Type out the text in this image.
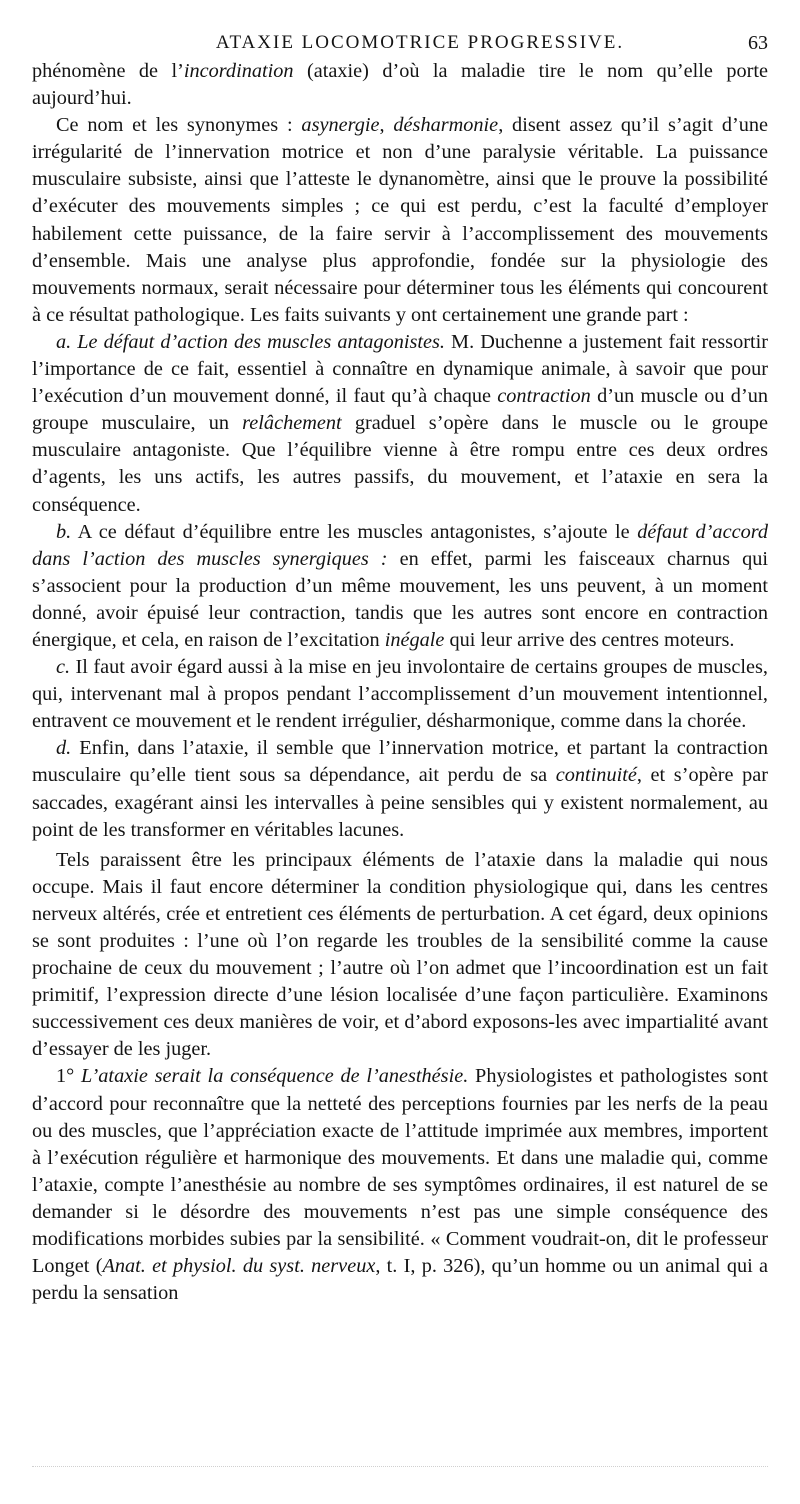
ATAXIE LOCOMOTRICE PROGRESSIVE.	63

phénomène de l’incordination (ataxie) d’où la maladie tire le nom qu’elle porte aujourd’hui.

Ce nom et les synonymes : asynergie, désharmonie, disent assez qu’il s’agit d’une irrégularité de l’innervation motrice et non d’une paralysie véritable. La puissance musculaire subsiste, ainsi que l’atteste le dynanomètre, ainsi que le prouve la possibilité d’exécuter des mouvements simples ; ce qui est perdu, c’est la faculté d’employer habilement cette puissance, de la faire servir à l’accomplissement des mouvements d’ensemble. Mais une analyse plus approfondie, fondée sur la physiologie des mouvements normaux, serait nécessaire pour déterminer tous les éléments qui concourent à ce résultat pathologique. Les faits suivants y ont certainement une grande part :

a. Le défaut d’action des muscles antagonistes. M. Duchenne a justement fait ressortir l’importance de ce fait, essentiel à connaître en dynamique animale, à savoir que pour l’exécution d’un mouvement donné, il faut qu’à chaque contraction d’un muscle ou d’un groupe musculaire, un relâchement graduel s’opère dans le muscle ou le groupe musculaire antagoniste. Que l’équilibre vienne à être rompu entre ces deux ordres d’agents, les uns actifs, les autres passifs, du mouvement, et l’ataxie en sera la conséquence.

b. A ce défaut d’équilibre entre les muscles antagonistes, s’ajoute le défaut d’accord dans l’action des muscles synergiques : en effet, parmi les faisceaux charnus qui s’associent pour la production d’un même mouvement, les uns peuvent, à un moment donné, avoir épuisé leur contraction, tandis que les autres sont encore en contraction énergique, et cela, en raison de l’excitation inégale qui leur arrive des centres moteurs.

c. Il faut avoir égard aussi à la mise en jeu involontaire de certains groupes de muscles, qui, intervenant mal à propos pendant l’accomplissement d’un mouvement intentionnel, entravent ce mouvement et le rendent irrégulier, désharmonique, comme dans la chorée.

d. Enfin, dans l’ataxie, il semble que l’innervation motrice, et partant la contraction musculaire qu’elle tient sous sa dépendance, ait perdu de sa continuité, et s’opère par saccades, exagérant ainsi les intervalles à peine sensibles qui y existent normalement, au point de les transformer en véritables lacunes.

Tels paraissent être les principaux éléments de l’ataxie dans la maladie qui nous occupe. Mais il faut encore déterminer la condition physiologique qui, dans les centres nerveux altérés, crée et entretient ces éléments de perturbation. A cet égard, deux opinions se sont produites : l’une où l’on regarde les troubles de la sensibilité comme la cause prochaine de ceux du mouvement ; l’autre où l’on admet que l’incoordination est un fait primitif, l’expression directe d’une lésion localisée d’une façon particulière. Examinons successivement ces deux manières de voir, et d’abord exposons-les avec impartialité avant d’essayer de les juger.

1° L’ataxie serait la conséquence de l’anesthésie. Physiologistes et pathologistes sont d’accord pour reconnaître que la netteté des perceptions fournies par les nerfs de la peau ou des muscles, que l’appréciation exacte de l’attitude imprimée aux membres, importent à l’exécution régulière et harmonique des mouvements. Et dans une maladie qui, comme l’ataxie, compte l’anesthésie au nombre de ses symptômes ordinaires, il est naturel de se demander si le désordre des mouvements n’est pas une simple conséquence des modifications morbides subies par la sensibilité. « Comment voudrait-on, dit le professeur Longet (Anat. et physiol. du syst. nerveux, t. I, p. 326), qu’un homme ou un animal qui a perdu la sensation
